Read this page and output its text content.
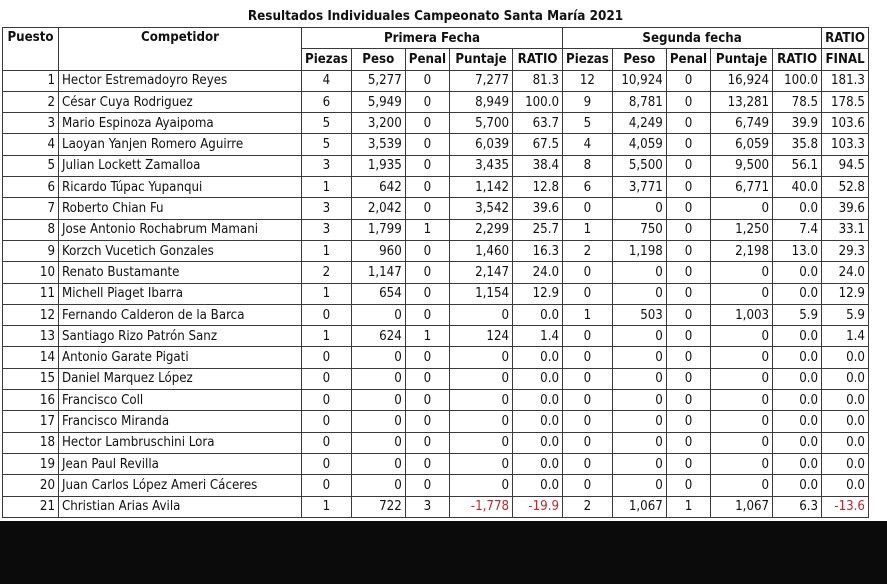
Resultados Individuales Campeonato Santa María 2021												
Puesto	Competidor	Primera Fecha					Segunda fecha					RATIO
		Piezas	Peso	Penal	Puntaje	RATIO	Piezas	Peso	Penal	Puntaje	RATIO	FINAL
1	Hector Estremadoyro Reyes	4	5,277	0	7,277	81.3	12	10,924	0	16,924	100.0	181.3
2	César Cuya Rodriguez	6	5,949	0	8,949	100.0	9	8,781	0	13,281	78.5	178.5
3	Mario Espinoza Ayaipoma	5	3,200	0	5,700	63.7	5	4,249	0	6,749	39.9	103.6
4	Laoyan Yanjen Romero Aguirre	5	3,539	0	6,039	67.5	4	4,059	0	6,059	35.8	103.3
5	Julian Lockett Zamalloa	3	1,935	0	3,435	38.4	8	5,500	0	9,500	56.1	94.5
6	Ricardo Túpac Yupanqui	1	642	0	1,142	12.8	6	3,771	0	6,771	40.0	52.8
7	Roberto Chian Fu	3	2,042	0	3,542	39.6	0	0	0	0	0.0	39.6
8	Jose Antonio Rochabrum Mamani	3	1,799	1	2,299	25.7	1	750	0	1,250	7.4	33.1
9	Korzch Vucetich Gonzales	1	960	0	1,460	16.3	2	1,198	0	2,198	13.0	29.3
10	Renato Bustamante	2	1,147	0	2,147	24.0	0	0	0	0	0.0	24.0
11	Michell Piaget Ibarra	1	654	0	1,154	12.9	0	0	0	0	0.0	12.9
12	Fernando Calderon de la Barca	0	0	0	0	0.0	1	503	0	1,003	5.9	5.9
13	Santiago Rizo Patrón Sanz	1	624	1	124	1.4	0	0	0	0	0.0	1.4
14	Antonio Garate Pigati	0	0	0	0	0.0	0	0	0	0	0.0	0.0
15	Daniel Marquez López	0	0	0	0	0.0	0	0	0	0	0.0	0.0
16	Francisco Coll	0	0	0	0	0.0	0	0	0	0	0.0	0.0
17	Francisco Miranda	0	0	0	0	0.0	0	0	0	0	0.0	0.0
18	Hector Lambruschini Lora	0	0	0	0	0.0	0	0	0	0	0.0	0.0
19	Jean Paul Revilla	0	0	0	0	0.0	0	0	0	0	0.0	0.0
20	Juan Carlos López Ameri Cáceres	0	0	0	0	0.0	0	0	0	0	0.0	0.0
21	Christian Arias Avila	1	722	3	-1,778	-19.9	2	1,067	1	1,067	6.3	-13.6
